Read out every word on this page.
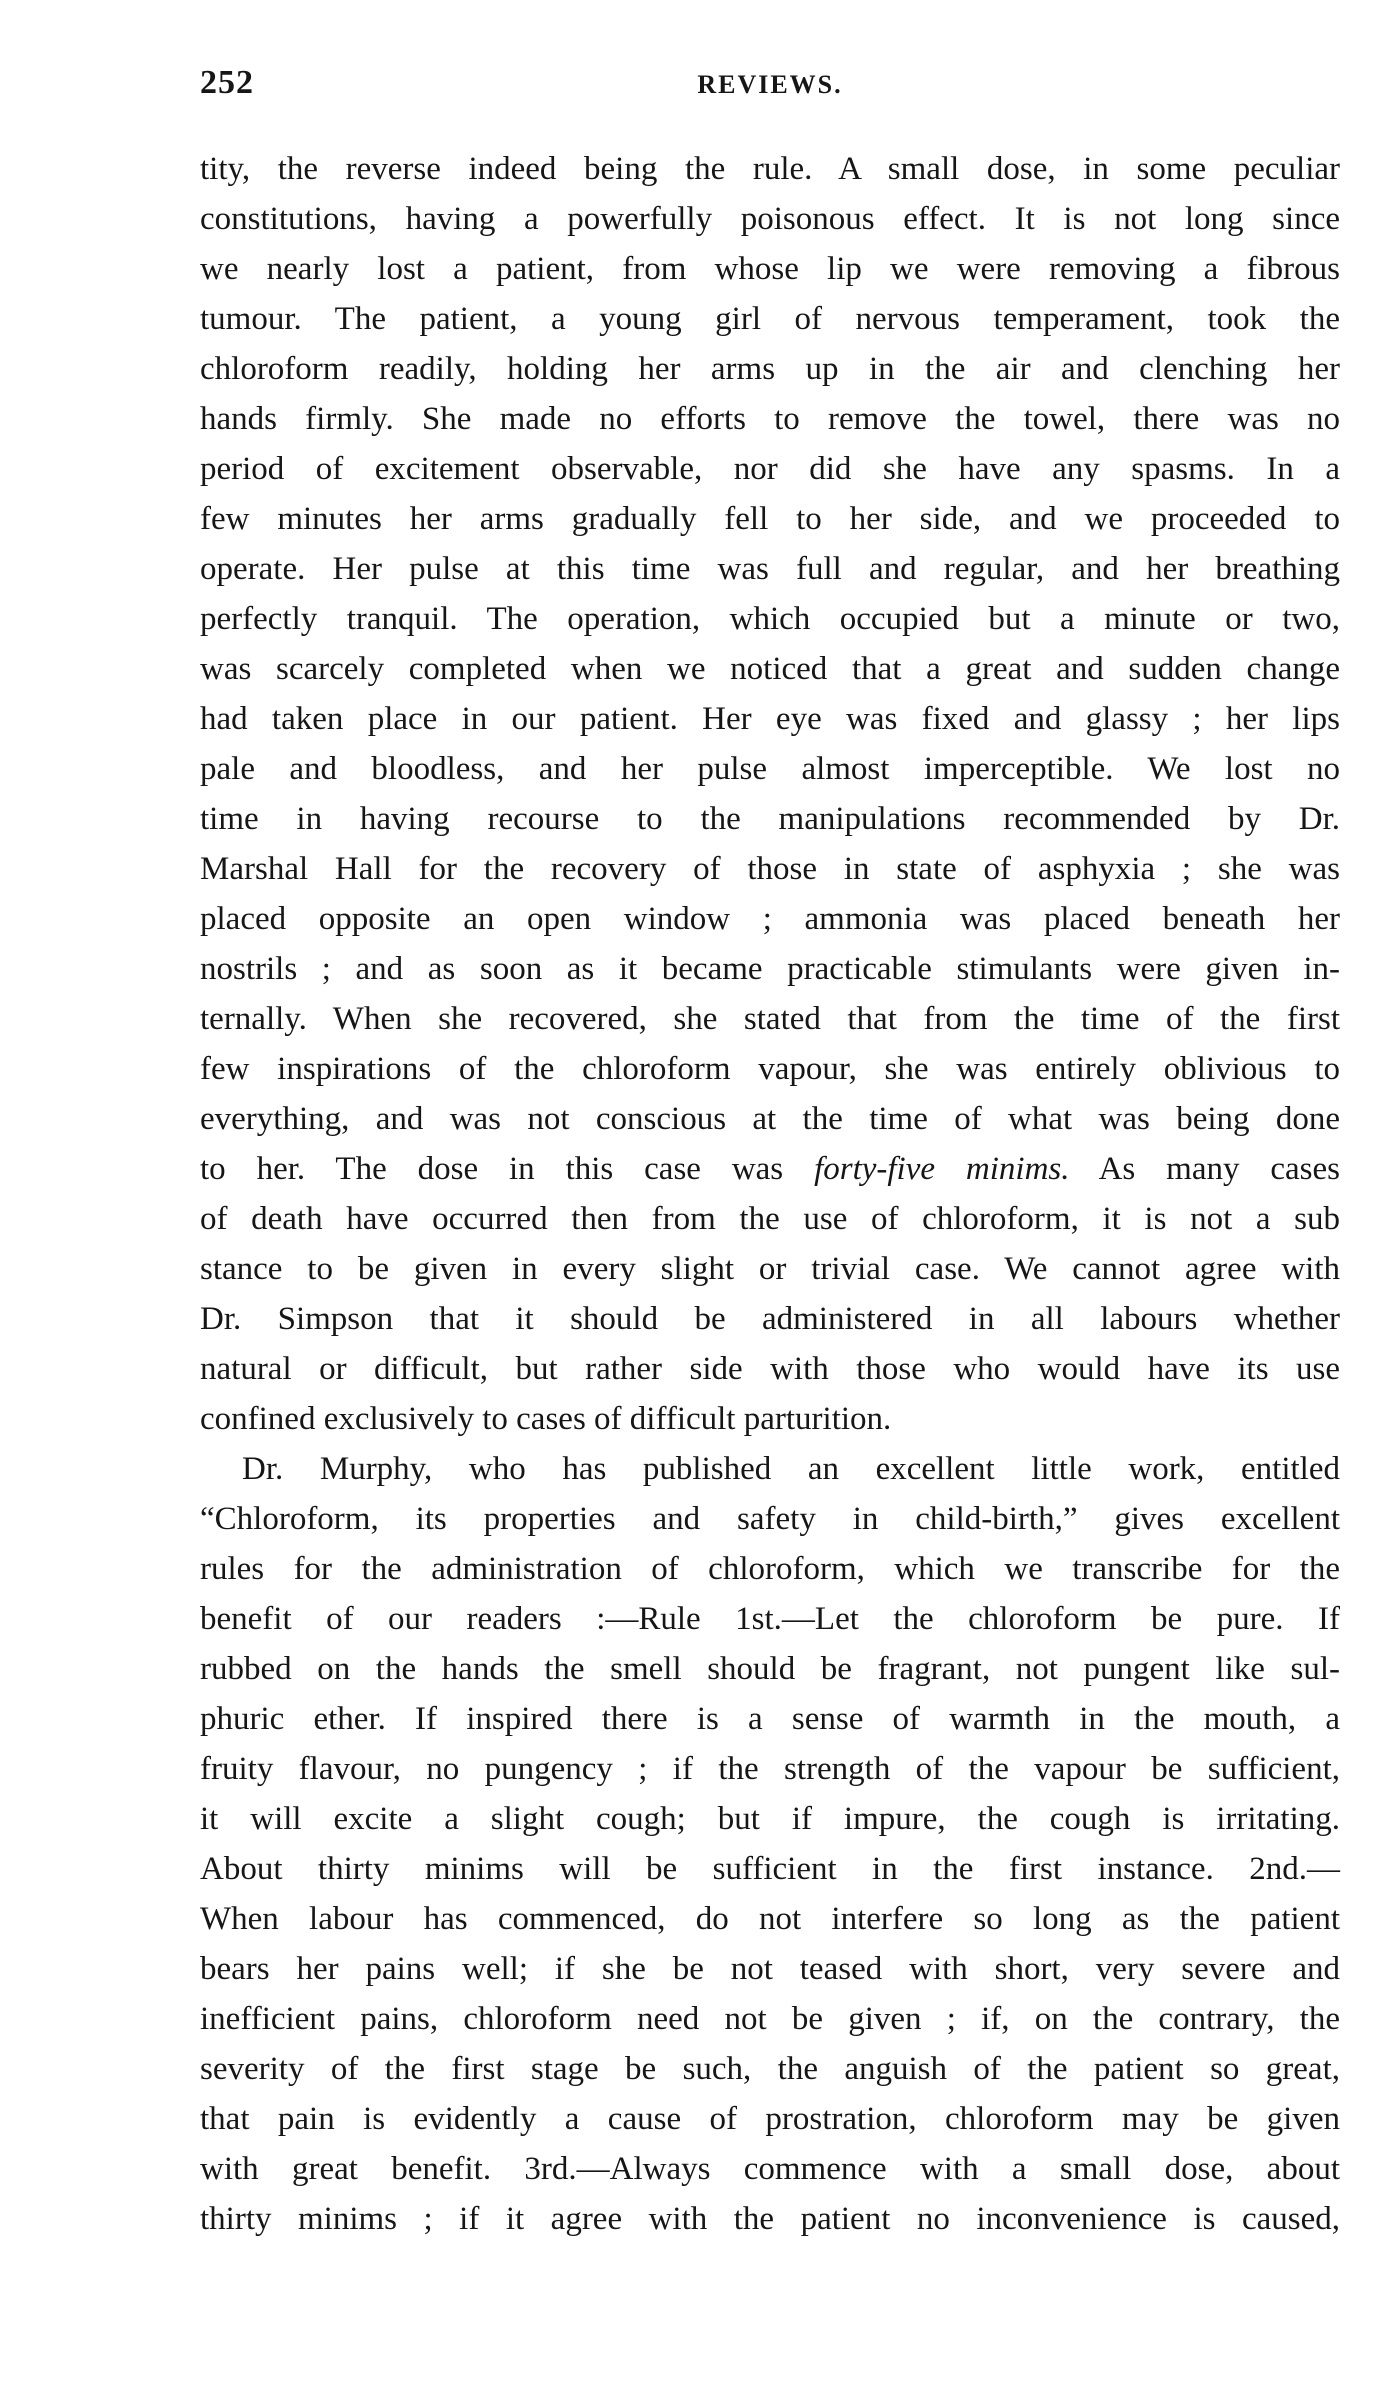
252	REVIEWS.
tity, the reverse indeed being the rule. A small dose, in some peculiar
constitutions, having a powerfully poisonous effect. It is not long since
we nearly lost a patient, from whose lip we were removing a fibrous
tumour. The patient, a young girl of nervous temperament, took the
chloroform readily, holding her arms up in the air and clenching her
hands firmly. She made no efforts to remove the towel, there was no
period of excitement observable, nor did she have any spasms. In a
few minutes her arms gradually fell to her side, and we proceeded to
operate. Her pulse at this time was full and regular, and her breathing
perfectly tranquil. The operation, which occupied but a minute or two,
was scarcely completed when we noticed that a great and sudden change
had taken place in our patient. Her eye was fixed and glassy ; her lips
pale and bloodless, and her pulse almost imperceptible. We lost no
time in having recourse to the manipulations recommended by Dr.
Marshal Hall for the recovery of those in state of asphyxia ; she was
placed opposite an open window ; ammonia was placed beneath her
nostrils ; and as soon as it became practicable stimulants were given in-
ternally. When she recovered, she stated that from the time of the first
few inspirations of the chloroform vapour, she was entirely oblivious to
everything, and was not conscious at the time of what was being done
to her. The dose in this case was forty-five minims. As many cases
of death have occurred then from the use of chloroform, it is not a sub
stance to be given in every slight or trivial case. We cannot agree with
Dr. Simpson that it should be administered in all labours whether
natural or difficult, but rather side with those who would have its use
confined exclusively to cases of difficult parturition.
Dr. Murphy, who has published an excellent little work, entitled
“Chloroform, its properties and safety in child-birth,” gives excellent
rules for the administration of chloroform, which we transcribe for the
benefit of our readers :—Rule 1st.—Let the chloroform be pure. If
rubbed on the hands the smell should be fragrant, not pungent like sul-
phuric ether. If inspired there is a sense of warmth in the mouth, a
fruity flavour, no pungency ; if the strength of the vapour be sufficient,
it will excite a slight cough; but if impure, the cough is irritating.
About thirty minims will be sufficient in the first instance. 2nd.—
When labour has commenced, do not interfere so long as the patient
bears her pains well; if she be not teased with short, very severe and
inefficient pains, chloroform need not be given ; if, on the contrary, the
severity of the first stage be such, the anguish of the patient so great,
that pain is evidently a cause of prostration, chloroform may be given
with great benefit. 3rd.—Always commence with a small dose, about
thirty minims ; if it agree with the patient no inconvenience is caused,
